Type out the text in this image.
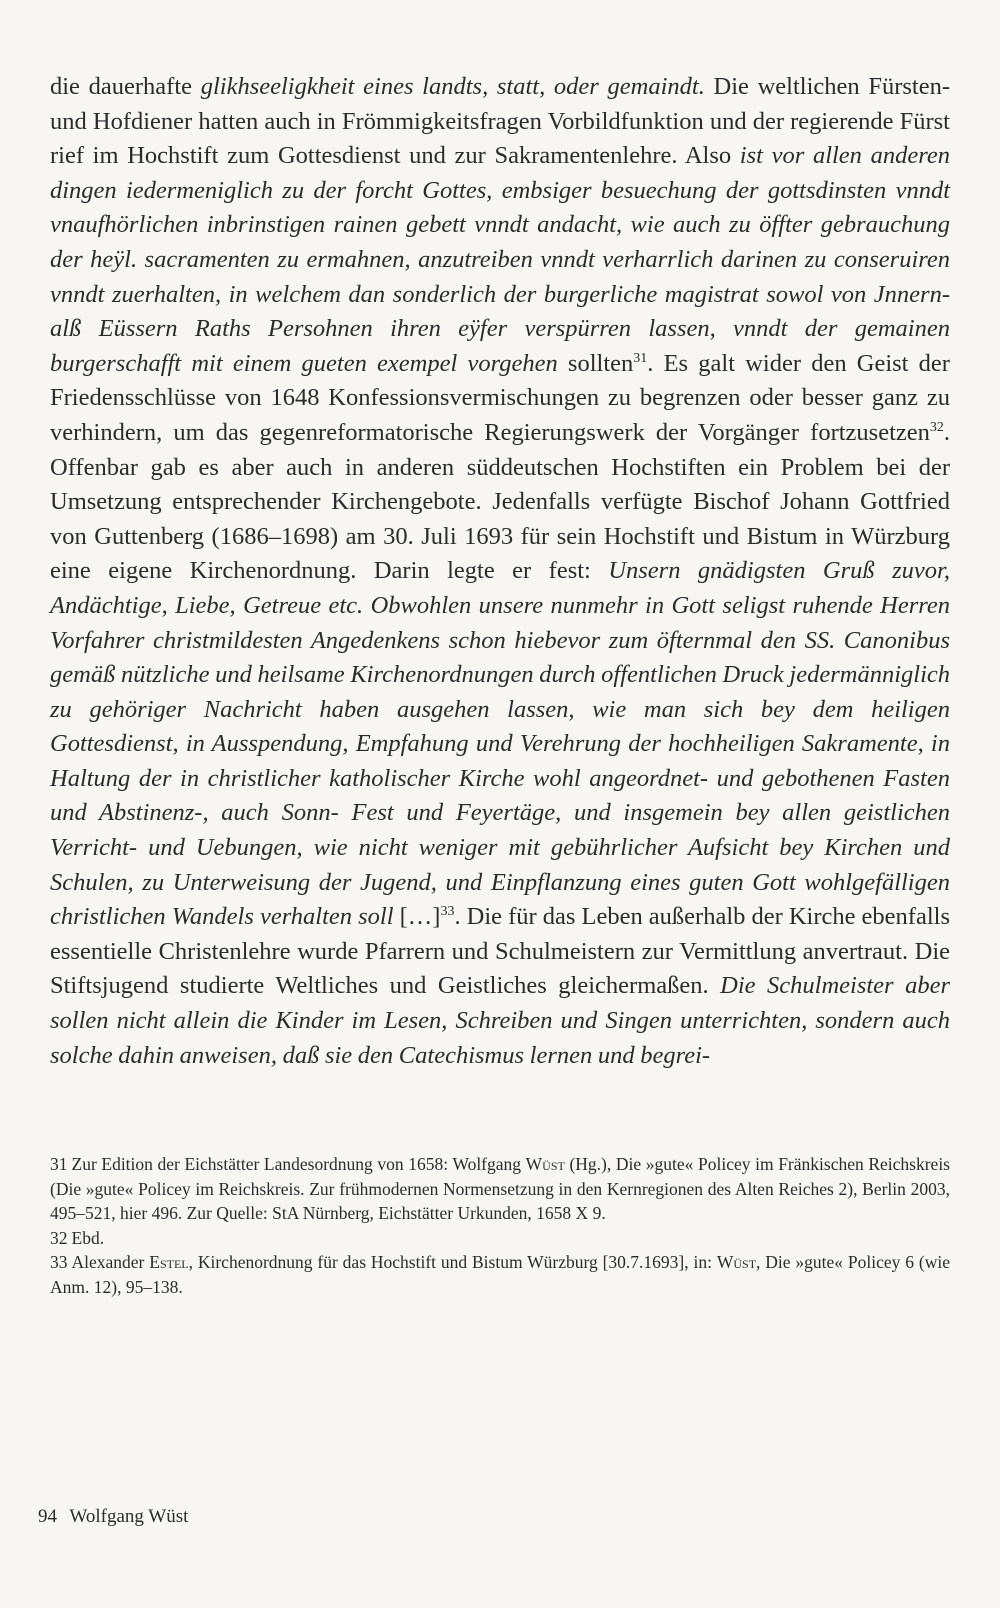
die dauerhafte glikhseeligkheit eines landts, statt, oder gemaindt. Die weltlichen Fürsten- und Hofdiener hatten auch in Frömmigkeitsfragen Vorbildfunktion und der regierende Fürst rief im Hochstift zum Gottesdienst und zur Sakramentenlehre. Also ist vor allen anderen dingen iedermeniglich zu der forcht Gottes, embsiger besuechung der gottsdinsten vnndt vnaufhörlichen inbrinstigen rainen gebett vnndt andacht, wie auch zu öffter gebrauchung der heÿl. sacramenten zu ermahnen, anzutreiben vnndt verharrlich darinen zu conseruiren vnndt zuerhalten, in welchem dan sonderlich der burgerliche magistrat sowol von Jnnern- alß Eüssern Raths Persohnen ihren eÿfer verspürren lassen, vnndt der gemainen burgerschafft mit einem gueten exempel vorgehen sollten$^{31}$. Es galt wider den Geist der Friedensschlüsse von 1648 Konfessionsvermischungen zu begrenzen oder besser ganz zu verhindern, um das gegenreformatorische Regierungswerk der Vorgänger fortzusetzen$^{32}$. Offenbar gab es aber auch in anderen süddeutschen Hochstiften ein Problem bei der Umsetzung entsprechender Kirchengebote. Jedenfalls verfügte Bischof Johann Gottfried von Guttenberg (1686–1698) am 30. Juli 1693 für sein Hochstift und Bistum in Würzburg eine eigene Kirchenordnung. Darin legte er fest: Unsern gnädigsten Gruß zuvor, Andächtige, Liebe, Getreue etc. Obwohlen unsere nunmehr in Gott seligst ruhende Herren Vorfahrer christmildesten Angedenkens schon hiebevor zum öfternmal den SS. Canonibus gemäß nützliche und heilsame Kirchenordnungen durch offentlichen Druck jedermänniglich zu gehöriger Nachricht haben ausgehen lassen, wie man sich bey dem heiligen Gottesdienst, in Ausspendung, Empfahung und Verehrung der hochheiligen Sakramente, in Haltung der in christlicher katholischer Kirche wohl angeordnet- und gebothenen Fasten und Abstinenz-, auch Sonn- Fest und Feyertäge, und insgemein bey allen geistlichen Verricht- und Uebungen, wie nicht weniger mit gebührlicher Aufsicht bey Kirchen und Schulen, zu Unterweisung der Jugend, und Einpflanzung eines guten Gott wohlgefälligen christlichen Wandels verhalten soll […]$^{33}$. Die für das Leben außerhalb der Kirche ebenfalls essentielle Christenlehre wurde Pfarrern und Schulmeistern zur Vermittlung anvertraut. Die Stiftsjugend studierte Weltliches und Geistliches gleichermaßen. Die Schulmeister aber sollen nicht allein die Kinder im Lesen, Schreiben und Singen unterrichten, sondern auch solche dahin anweisen, daß sie den Catechismus lernen und begrei-

31 Zur Edition der Eichstätter Landesordnung von 1658: Wolfgang Wüst (Hg.), Die »gute« Policey im Fränkischen Reichskreis (Die »gute« Policey im Reichskreis. Zur frühmodernen Normensetzung in den Kernregionen des Alten Reiches 2), Berlin 2003, 495–521, hier 496. Zur Quelle: StA Nürnberg, Eichstätter Urkunden, 1658 X 9.

32 Ebd.

33 Alexander Estel, Kirchenordnung für das Hochstift und Bistum Würzburg [30.7.1693], in: Wüst, Die »gute« Policey 6 (wie Anm. 12), 95–138.

94 Wolfgang Wüst
